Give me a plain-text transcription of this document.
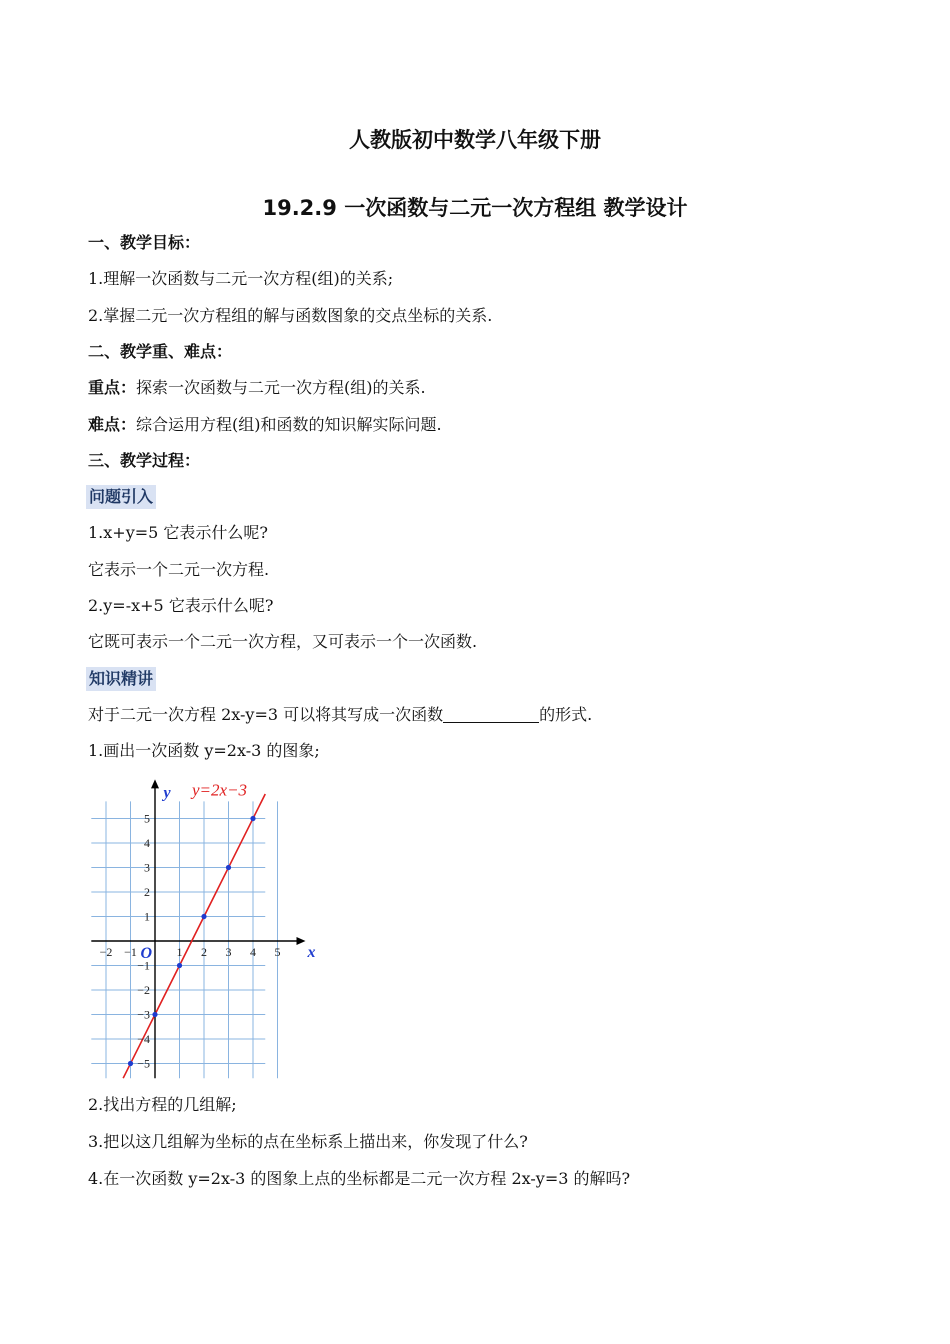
人教版初中数学八年级下册
19.2.9 一次函数与二元一次方程组 教学设计
一、教学目标：
1.理解一次函数与二元一次方程(组)的关系;
2.掌握二元一次方程组的解与函数图象的交点坐标的关系.
二、教学重、难点：
重点：探索一次函数与二元一次方程(组)的关系.
难点：综合运用方程(组)和函数的知识解实际问题.
三、教学过程：
问题引入
1.x+y=5 它表示什么呢?
它表示一个二元一次方程.
2.y=-x+5 它表示什么呢?
它既可表示一个二元一次方程，又可表示一个一次函数.
知识精讲
对于二元一次方程 2x-y=3 可以将其写成一次函数	的形式.
1.画出一次函数 y=2x-3 的图象;
−2 −1	1 2 3 4 5
−5
−4
−3
−2
−1
1
2
3
4
5
O	x
y y=2x−3
2.找出方程的几组解;
3.把以这几组解为坐标的点在坐标系上描出来，你发现了什么?
4.在一次函数 y=2x-3 的图象上点的坐标都是二元一次方程 2x-y=3 的解吗?
